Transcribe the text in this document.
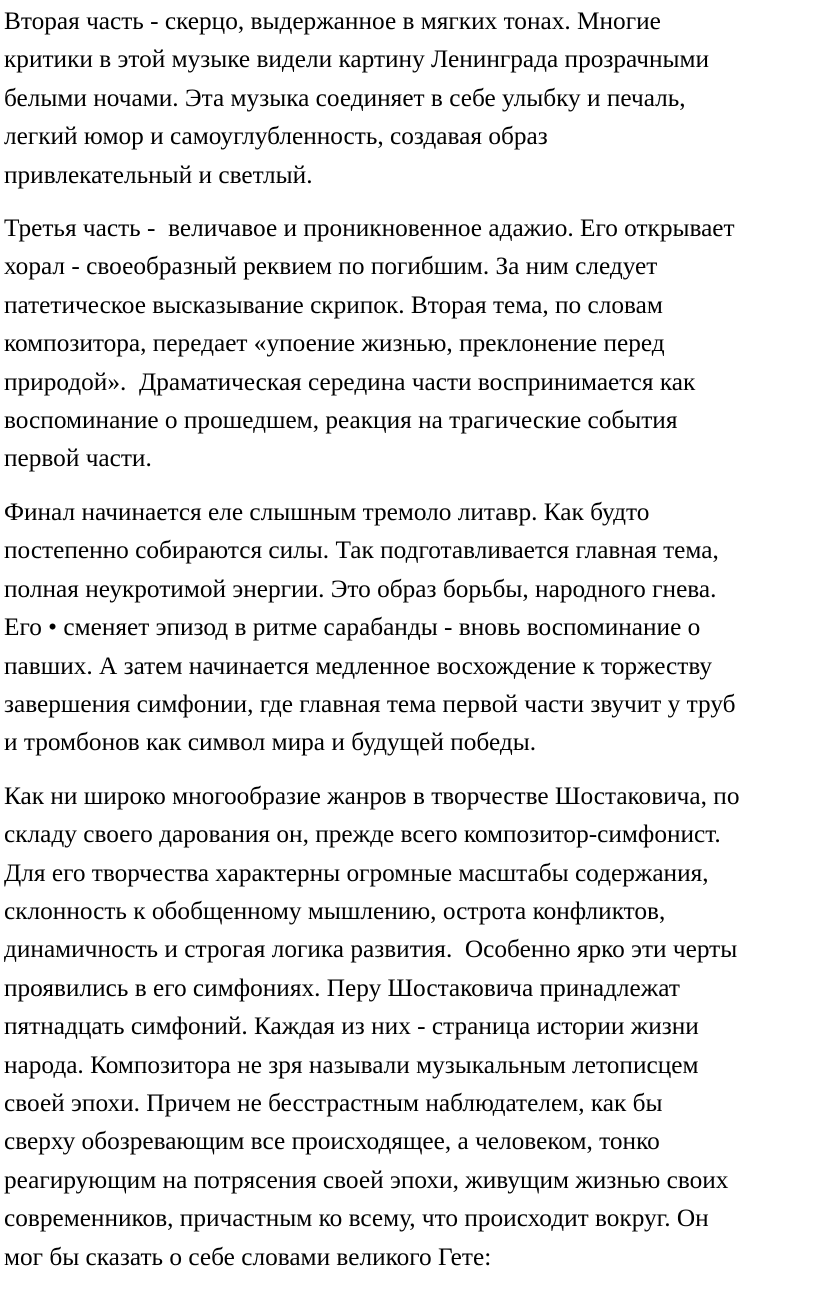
Вторая часть - скерцо, выдержанное в мягких тонах. Многие
критики в этой музыке видели картину Ленинграда прозрачными
белыми ночами. Эта музыка соединяет в себе улыбку и печаль,
легкий юмор и самоуглубленность, создавая образ
привлекательный и светлый.

Третья часть -  величавое и проникновенное адажио. Его открывает
хорал - своеобразный реквием по погибшим. За ним следует
патетическое высказывание скрипок. Вторая тема, по словам
композитора, передает «упоение жизнью, преклонение перед
природой».  Драматическая середина части воспринимается как
воспоминание о прошедшем, реакция на трагические события
первой части.

Финал начинается еле слышным тремоло литавр. Как будто
постепенно собираются силы. Так подготавливается главная тема,
полная неукротимой энергии. Это образ борьбы, народного гнева.
Его • сменяет эпизод в ритме сарабанды - вновь воспоминание о
павших. А затем начинается медленное восхождение к торжеству
завершения симфонии, где главная тема первой части звучит у труб
и тромбонов как символ мира и будущей победы.

Как ни широко многообразие жанров в творчестве Шостаковича, по
складу своего дарования он, прежде всего композитор-симфонист.
Для его творчества характерны огромные масштабы содержания,
склонность к обобщенному мышлению, острота конфликтов,
динамичность и строгая логика развития.  Особенно ярко эти черты
проявились в его симфониях. Перу Шостаковича принадлежат
пятнадцать симфоний. Каждая из них - страница истории жизни
народа. Композитора не зря называли музыкальным летописцем
своей эпохи. Причем не бесстрастным наблюдателем, как бы
сверху обозревающим все происходящее, а человеком, тонко
реагирующим на потрясения своей эпохи, живущим жизнью своих
современников, причастным ко всему, что происходит вокруг. Он
мог бы сказать о себе словами великого Гете:
